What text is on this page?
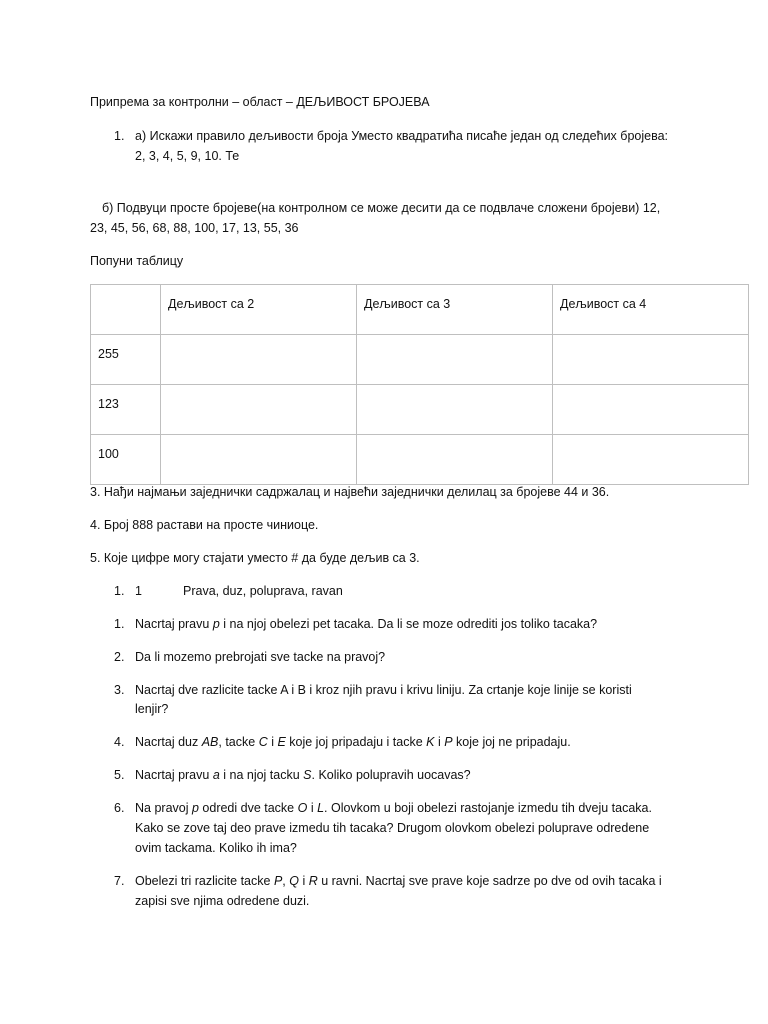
Припрема за контролни – област – ДЕЉИВОСТ БРОЈЕВА
1. а) Искажи правило дељивости броја Уместо квадратића писаће један од следећих бројева:
2, 3, 4, 5, 9, 10. Те
б) Подвуци просте бројеве(на контролном се може десити да се подвлаче сложени бројеви) 12,
23, 45, 56, 68, 88, 100, 17, 13, 55, 36
Попуни таблицу
	Дељивост са 2	Дељивост са 3	Дељивост са 4
255			
123			
100			
3. Нађи најмањи заједнички садржалац и највећи заједнички делилац за бројеве 44 и 36.
4. Број 888 растави на просте чиниоце.
5. Које цифре могу стајати уместо # да буде дељив са 3.
1. 1	Prava, duz, poluprava, ravan
1. Nacrtaj pravu p i na njoj obelezi pet tacaka. Da li se moze odrediti jos toliko tacaka?
2. Da li mozemo prebrojati sve tacke na pravoj?
3. Nacrtaj dve razlicite tacke A i B i kroz njih pravu i krivu liniju. Za crtanje koje linije se koristi
lenjir?
4. Nacrtaj duz AB, tacke C i E koje joj pripadaju i tacke K i P koje joj ne pripadaju.
5. Nacrtaj pravu a i na njoj tacku S. Koliko polupravih uocavas?
6. Na pravoj p odredi dve tacke O i L. Olovkom u boji obelezi rastojanje izmedu tih dveju tacaka.
Kako se zove taj deo prave izmedu tih tacaka? Drugom olovkom obelezi poluprave odredene
ovim tackama. Koliko ih ima?
7. Obelezi tri razlicite tacke P, Q i R u ravni. Nacrtaj sve prave koje sadrze po dve od ovih tacaka i
zapisi sve njima odredene duzi.
